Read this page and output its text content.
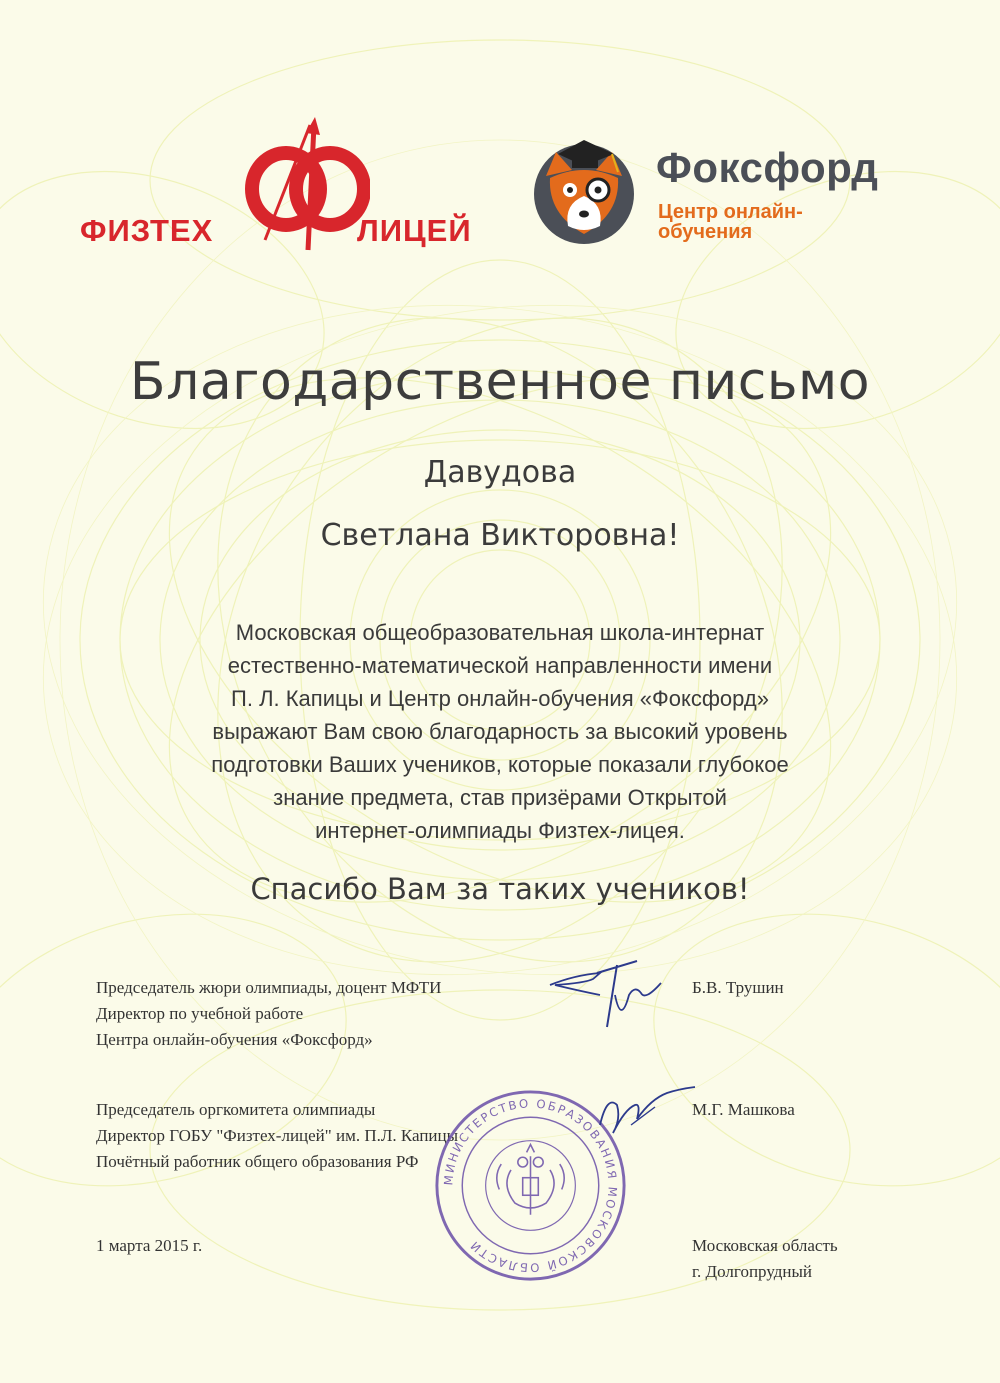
ФИЗТЕХ	ЛИЦЕЙ
Фоксфорд
Центр онлайн-
обучения
Благодарственное письмо
Давудова
Светлана Викторовна!
Московская общеобразовательная школа-интернат
естественно-математической направленности имени
П. Л. Капицы и Центр онлайн-обучения «Фоксфорд»
выражают Вам свою благодарность за высокий уровень
подготовки Ваших учеников, которые показали глубокое
знание предмета, став призёрами Открытой
интернет-олимпиады Физтех-лицея.
Спасибо Вам за таких учеников!
Председатель жюри олимпиады, доцент МФТИ
Директор по учебной работе
Центра онлайн-обучения «Фоксфорд»
Б.В. Трушин
Председатель оргкомитета олимпиады
Директор ГОБУ "Физтех-лицей" им. П.Л. Капицы
Почётный работник общего образования РФ
М.Г. Машкова
МИНИСТЕРСТВО ОБРАЗОВАНИЯ МОСКОВСКОЙ ОБЛАСТИ
1 марта 2015 г.	Московская область
г. Долгопрудный
